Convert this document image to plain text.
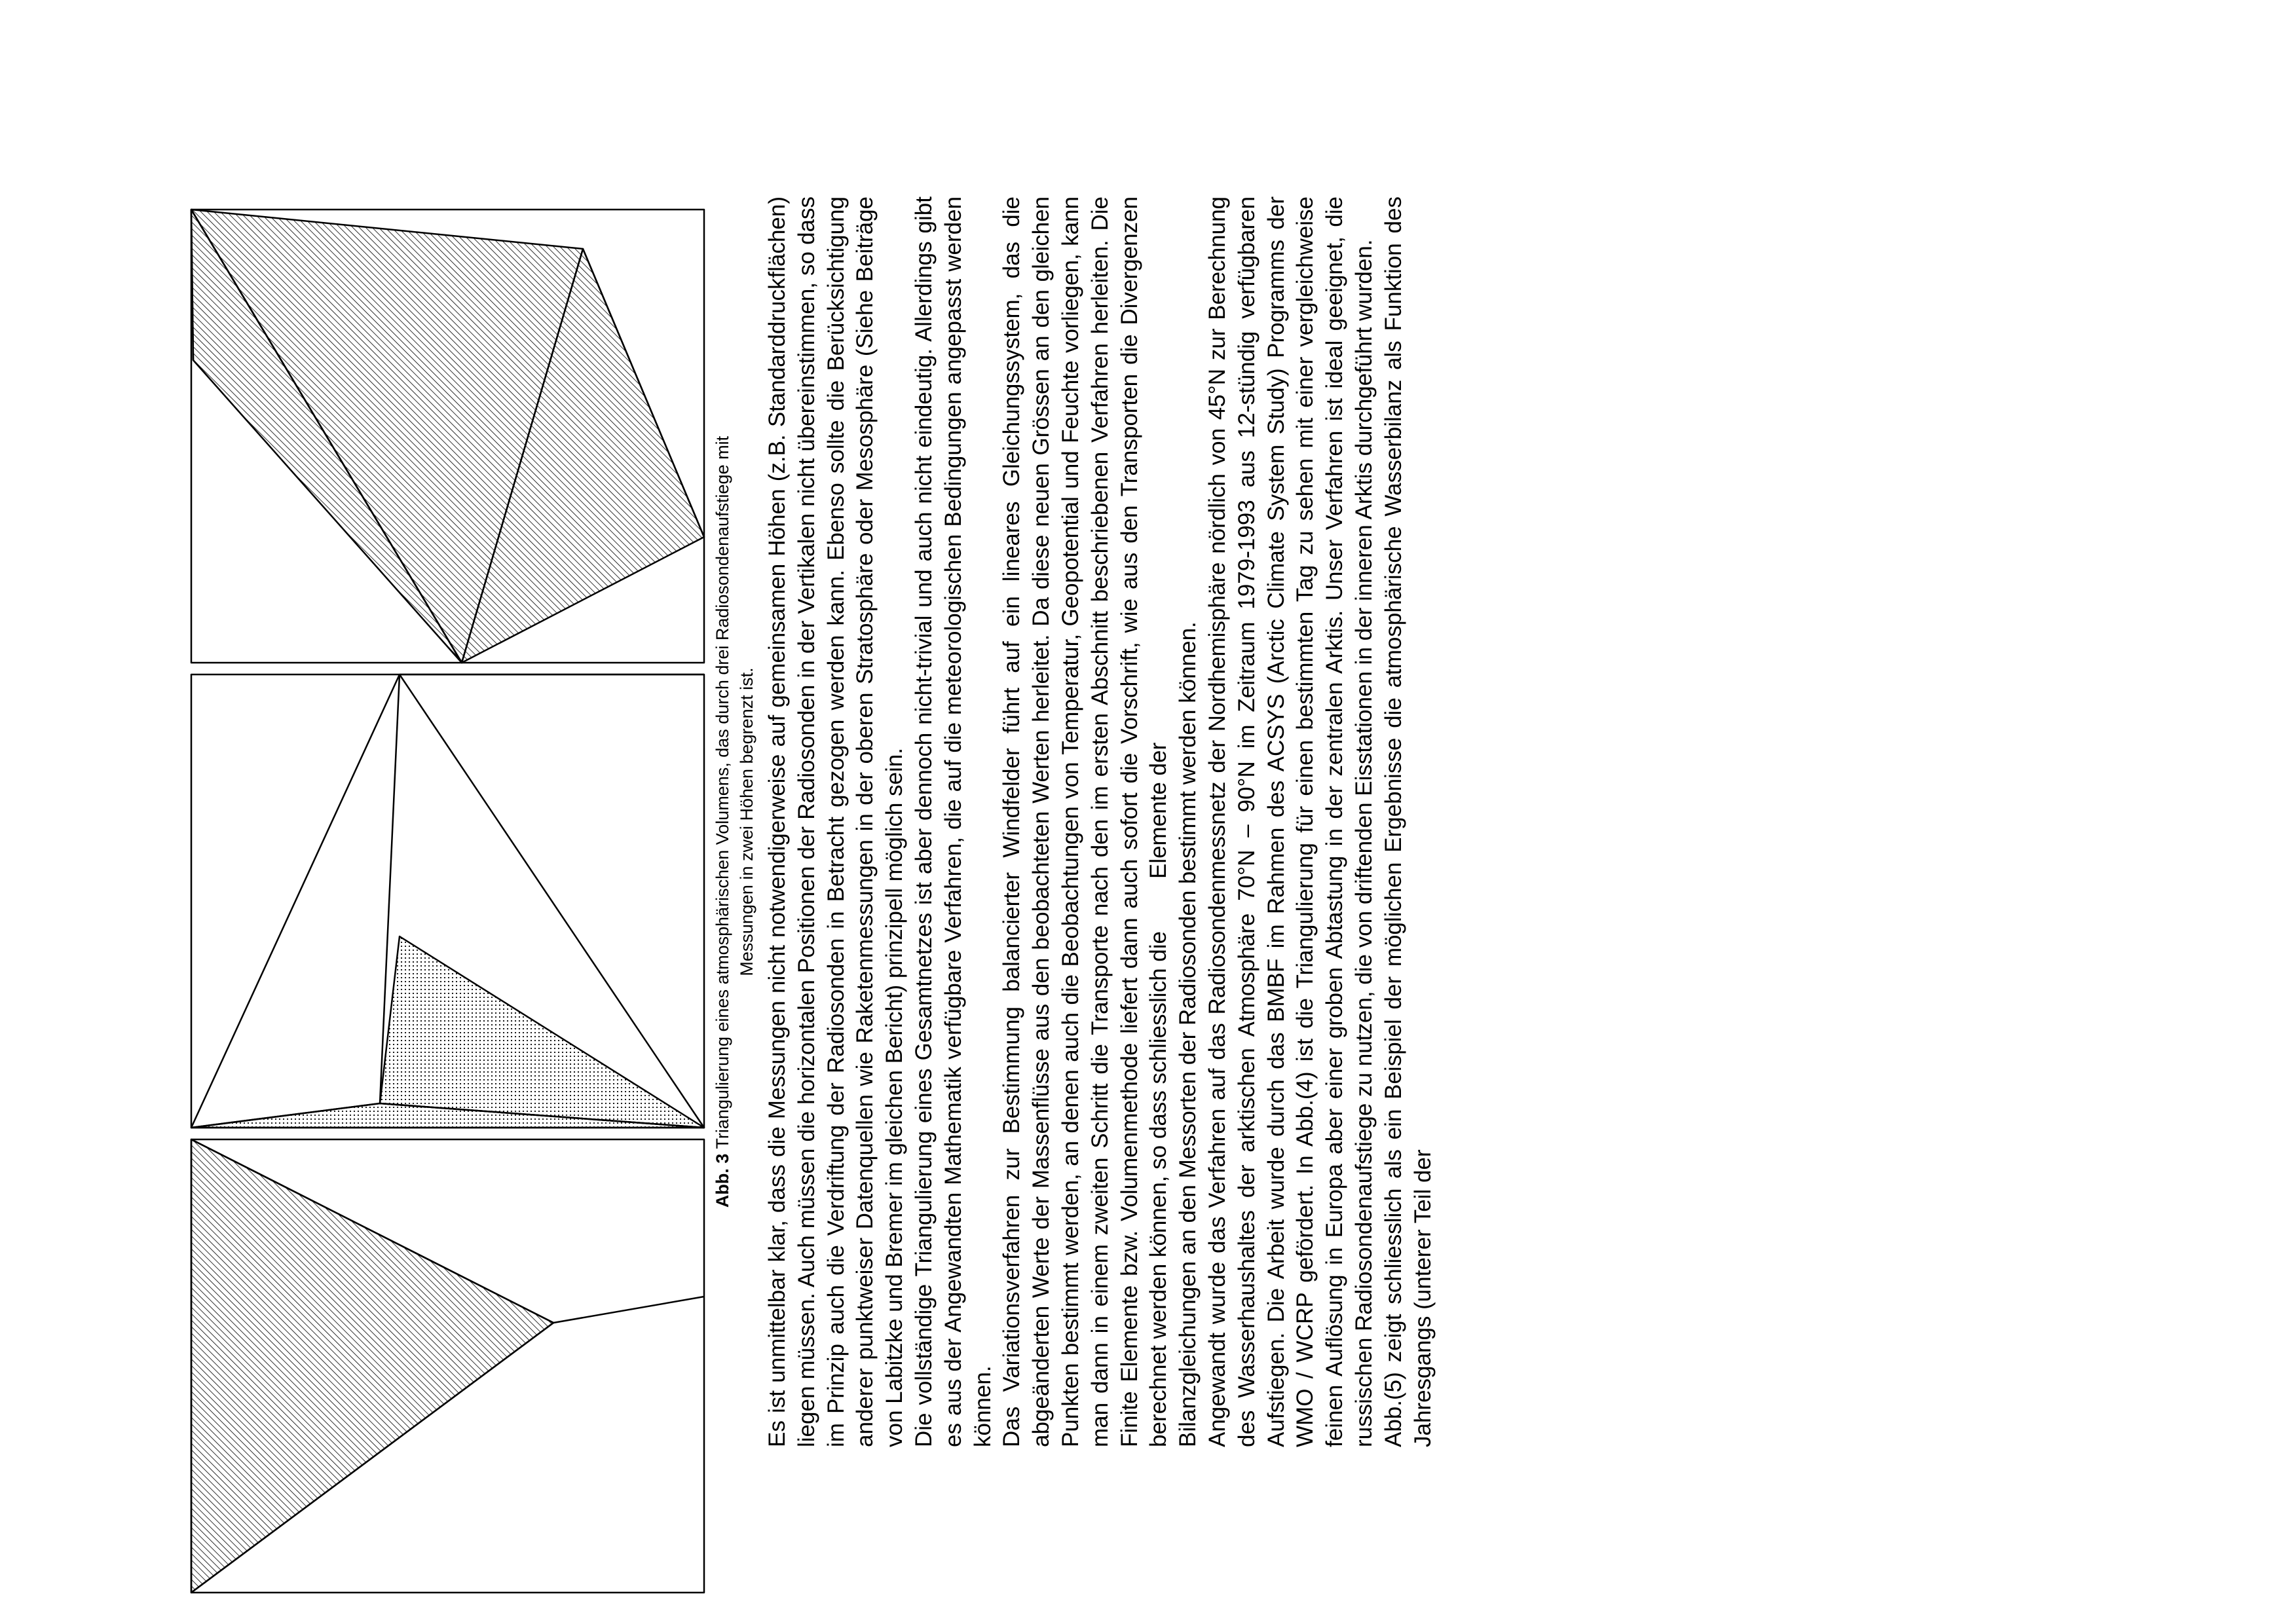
Abb. 3 Triangulierung eines atmosphärischen Volumens, das durch drei Radiosondenaufstiege mit Messungen in zwei Höhen begrenzt ist. Es ist unmittelbar klar, dass die Messungen nicht notwendigerweise auf gemeinsamen Höhen (z.B. Standarddruckflächen) liegen müssen. Auch müssen die horizontalen Positionen der Radiosonden in der Vertikalen nicht übereinstimmen, so dass im Prinzip auch die Verdriftung der Radiosonden in Betracht gezogen werden kann. Ebenso sollte die Berücksichtigung anderer punktweiser Datenquellen wie Raketenmessungen in der oberen Stratosphäre oder Mesosphäre (Siehe Beiträge von Labitzke und Bremer im gleichen Bericht) prinzipell möglich sein. Die vollständige Triangulierung eines Gesamtnetzes ist aber dennoch nicht-trivial und auch nicht eindeutig. Allerdings gibt es aus der Angewandten Mathematik verfügbare Verfahren, die auf die meteorologischen Bedingungen angepasst werden können. Das Variationsverfahren zur Bestimmung balancierter Windfelder führt auf ein lineares Gleichungssystem, das die abgeänderten Werte der Massenflüsse aus den beobachteten Werten herleitet. Da diese neuen Grössen an den gleichen Punkten bestimmt werden, an denen auch die Beobachtungen von Temperatur, Geopotential und Feuchte vorliegen, kann man dann in einem zweiten Schritt die Transporte nach den im ersten Abschnitt beschriebenen Verfahren herleiten. Die Finite Elemente bzw. Volumenmethode liefert dann auch sofort die Vorschrift, wie aus den Transporten die Divergenzen berechnet werden können, so dass schliesslich dieElemente der Bilanzgleichungen an den Messorten der Radiosonden bestimmt werden können. Angewandt wurde das Verfahren auf das Radiosondenmessnetz der Nordhemisphäre nördlich von 45°N zur Berechnung des Wasserhaushaltes der arktischen Atmosphäre 70°N – 90°N im Zeitraum 1979-1993 aus 12-stündig verfügbaren Aufstiegen. Die Arbeit wurde durch das BMBF im Rahmen des ACSYS (Arctic Climate System Study) Programms der WMO / WCRP gefördert. In Abb.(4) ist die Triangulierung für einen bestimmten Tag zu sehen mit einer vergleichweise feinen Auflösung in Europa aber einer groben Abtastung in der zentralen Arktis. Unser Verfahren ist ideal geeignet, die russischen Radiosondenaufstiege zu nutzen, die von driftenden Eisstationen in der inneren Arktis durchgeführt wurden. Abb.(5) zeigt schliesslich als ein Beispiel der möglichen Ergebnisse die atmosphärische Wasserbilanz als Funktion des Jahresgangs (unterer Teil der
